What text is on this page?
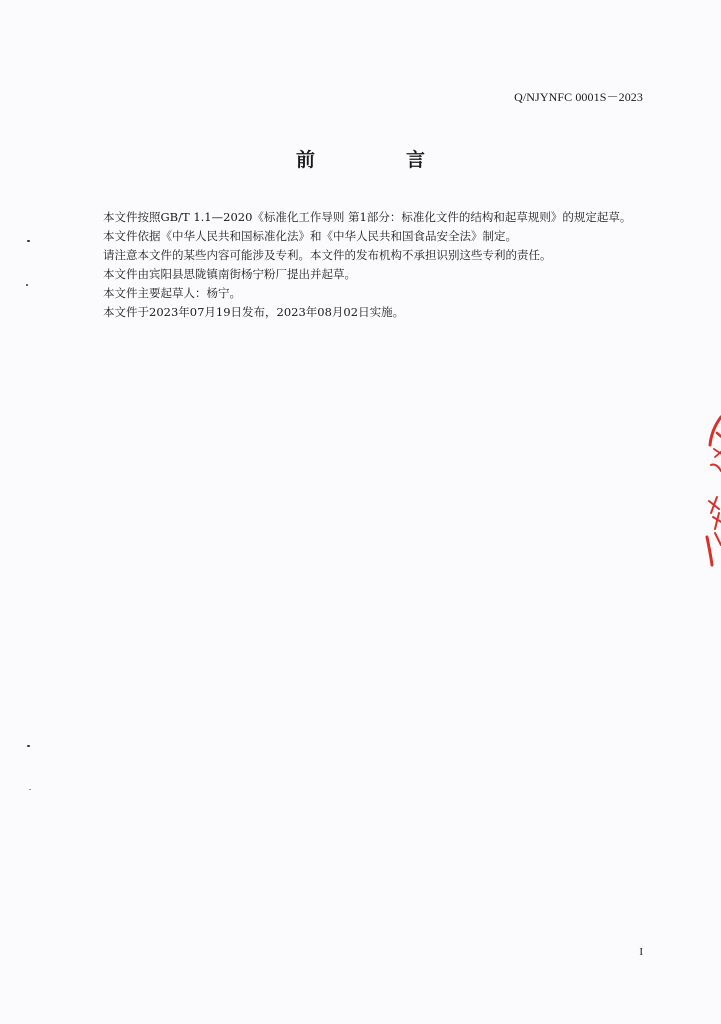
Q/NJYNFC 0001S－2023
前　言

本文件按照GB/T 1.1—2020《标准化工作导则 第1部分：标准化文件的结构和起草规则》的规定起草。

本文件依据《中华人民共和国标准化法》和《中华人民共和国食品安全法》制定。

请注意本文件的某些内容可能涉及专利。本文件的发布机构不承担识别这些专利的责任。

本文件由宾阳县思陇镇南街杨宁粉厂提出并起草。

本文件主要起草人：杨宁。

本文件于2023年07月19日发布，2023年08月02日实施。

I
